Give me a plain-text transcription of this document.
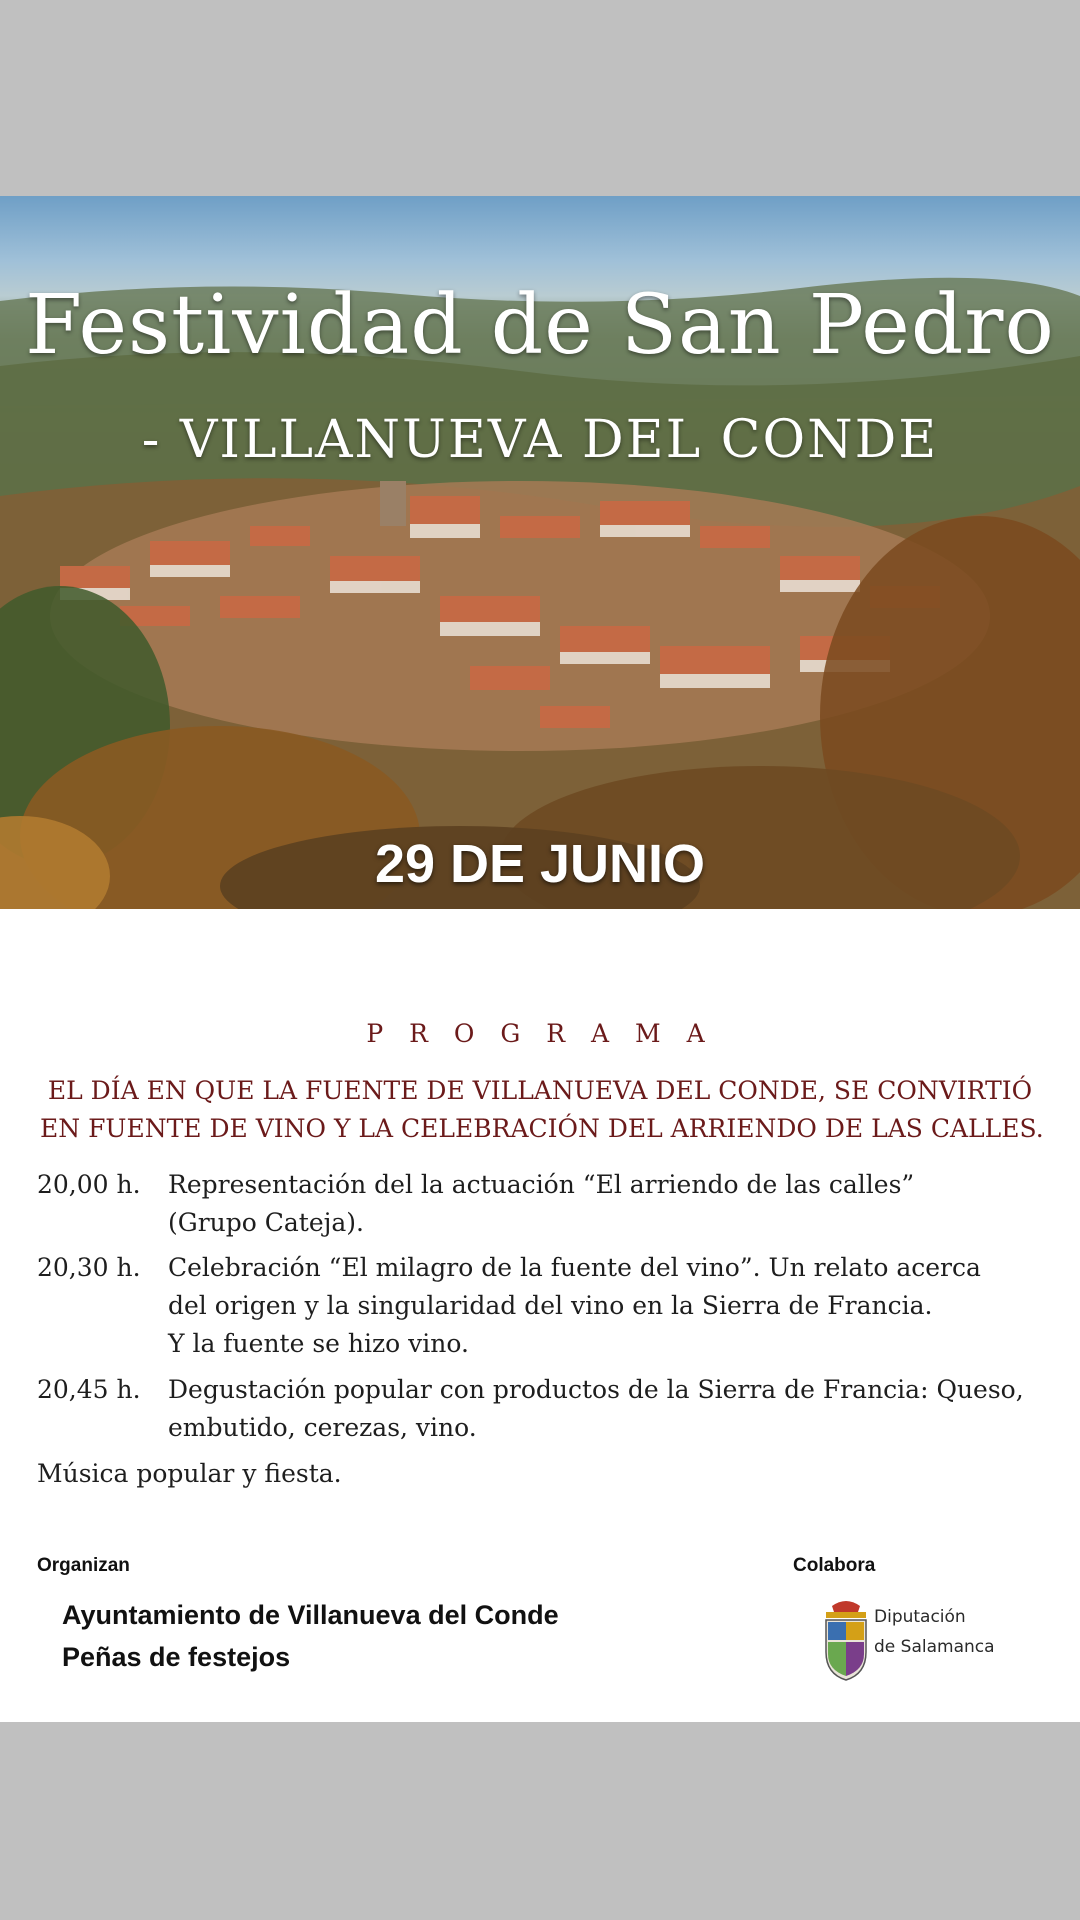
Festividad de San Pedro
- VILLANUEVA DEL CONDE
29 DE JUNIO
P R O G R A M A
EL DÍA EN QUE LA FUENTE DE VILLANUEVA DEL CONDE, SE CONVIRTIÓ
EN FUENTE DE VINO Y LA CELEBRACIÓN DEL ARRIENDO DE LAS CALLES.
20,00 h.	Representación del la actuación “El arriendo de las calles”
(Grupo Cateja).
20,30 h.	Celebración “El milagro de la fuente del vino”. Un relato acerca
del origen y la singularidad del vino en la Sierra de Francia.
Y la fuente se hizo vino.
20,45 h.	Degustación popular con productos de la Sierra de Francia: Queso,
embutido, cerezas, vino.
Música popular y fiesta.
Organizan
Ayuntamiento de Villanueva del Conde
Peñas de festejos
Colabora
Diputación
de Salamanca
